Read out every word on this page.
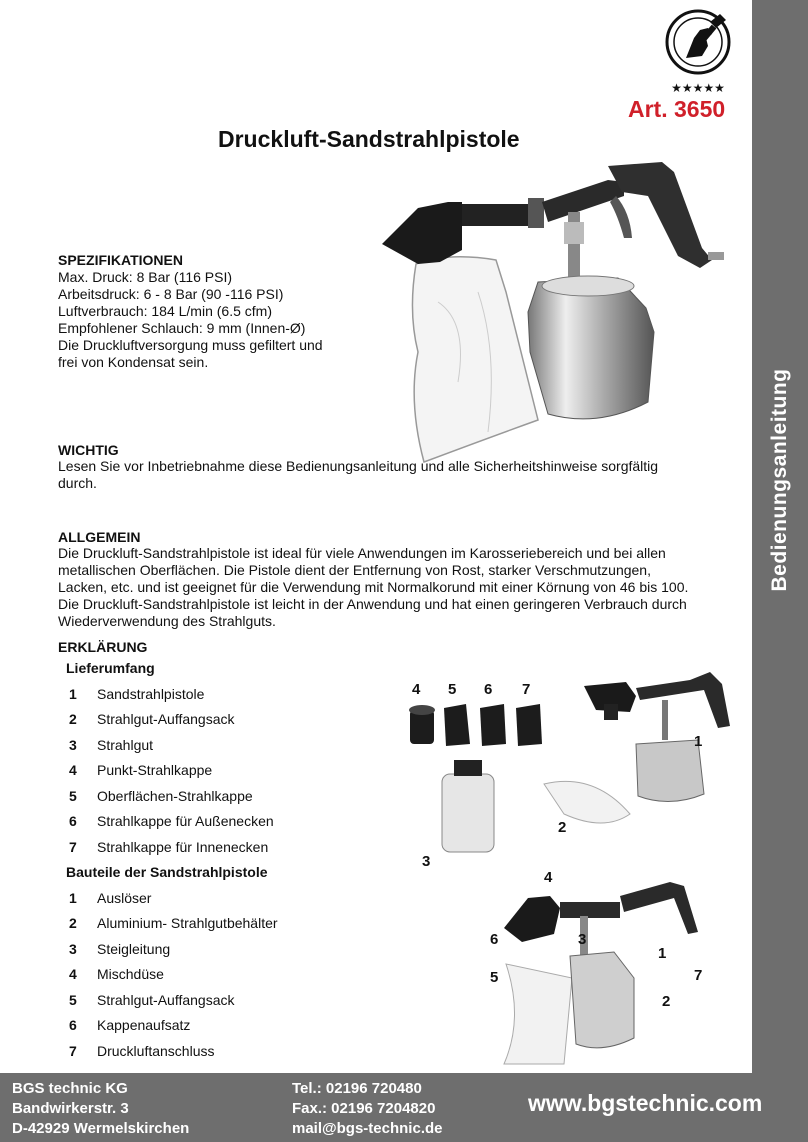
Bedienungsanleitung
★★★★★
Art. 3650
Druckluft-Sandstrahlpistole
SPEZIFIKATIONEN
Max. Druck: 8 Bar (116 PSI)
Arbeitsdruck: 6 - 8 Bar (90 -116 PSI)
Luftverbrauch: 184 L/min (6.5 cfm)
Empfohlener Schlauch: 9 mm (Innen-Ø)
Die Druckluftversorgung muss gefiltert und
frei von Kondensat sein.
WICHTIG
Lesen Sie vor Inbetriebnahme diese Bedienungsanleitung und alle Sicherheitshinweise sorgfältig
durch.
ALLGEMEIN
Die Druckluft-Sandstrahlpistole ist ideal für viele Anwendungen im Karosseriebereich und bei allen
metallischen Oberflächen. Die Pistole dient der Entfernung von Rost, starker Verschmutzungen,
Lacken, etc. und ist geeignet für die Verwendung mit Normalkorund mit einer Körnung von 46 bis 100.
Die Druckluft-Sandstrahlpistole ist leicht in der Anwendung und hat einen geringeren Verbrauch durch
Wiederverwendung des Strahlguts.
ERKLÄRUNG
Lieferumfang
1 Sandstrahlpistole
2 Strahlgut-Auffangsack
3 Strahlgut
4 Punkt-Strahlkappe
5 Oberflächen-Strahlkappe
6 Strahlkappe für Außenecken
7 Strahlkappe für Innenecken
Bauteile der Sandstrahlpistole
1 Auslöser
2 Aluminium- Strahlgutbehälter
3 Steigleitung
4 Mischdüse
5 Strahlgut-Auffangsack
6 Kappenaufsatz
7 Druckluftanschluss
4 5 6 7
1
2
3
4
6	3
1
7
5
2
BGS technic KG
Bandwirkerstr. 3
D-42929 Wermelskirchen
Tel.: 02196 720480
Fax.: 02196 7204820
mail@bgs-technic.de
www.bgstechnic.com
